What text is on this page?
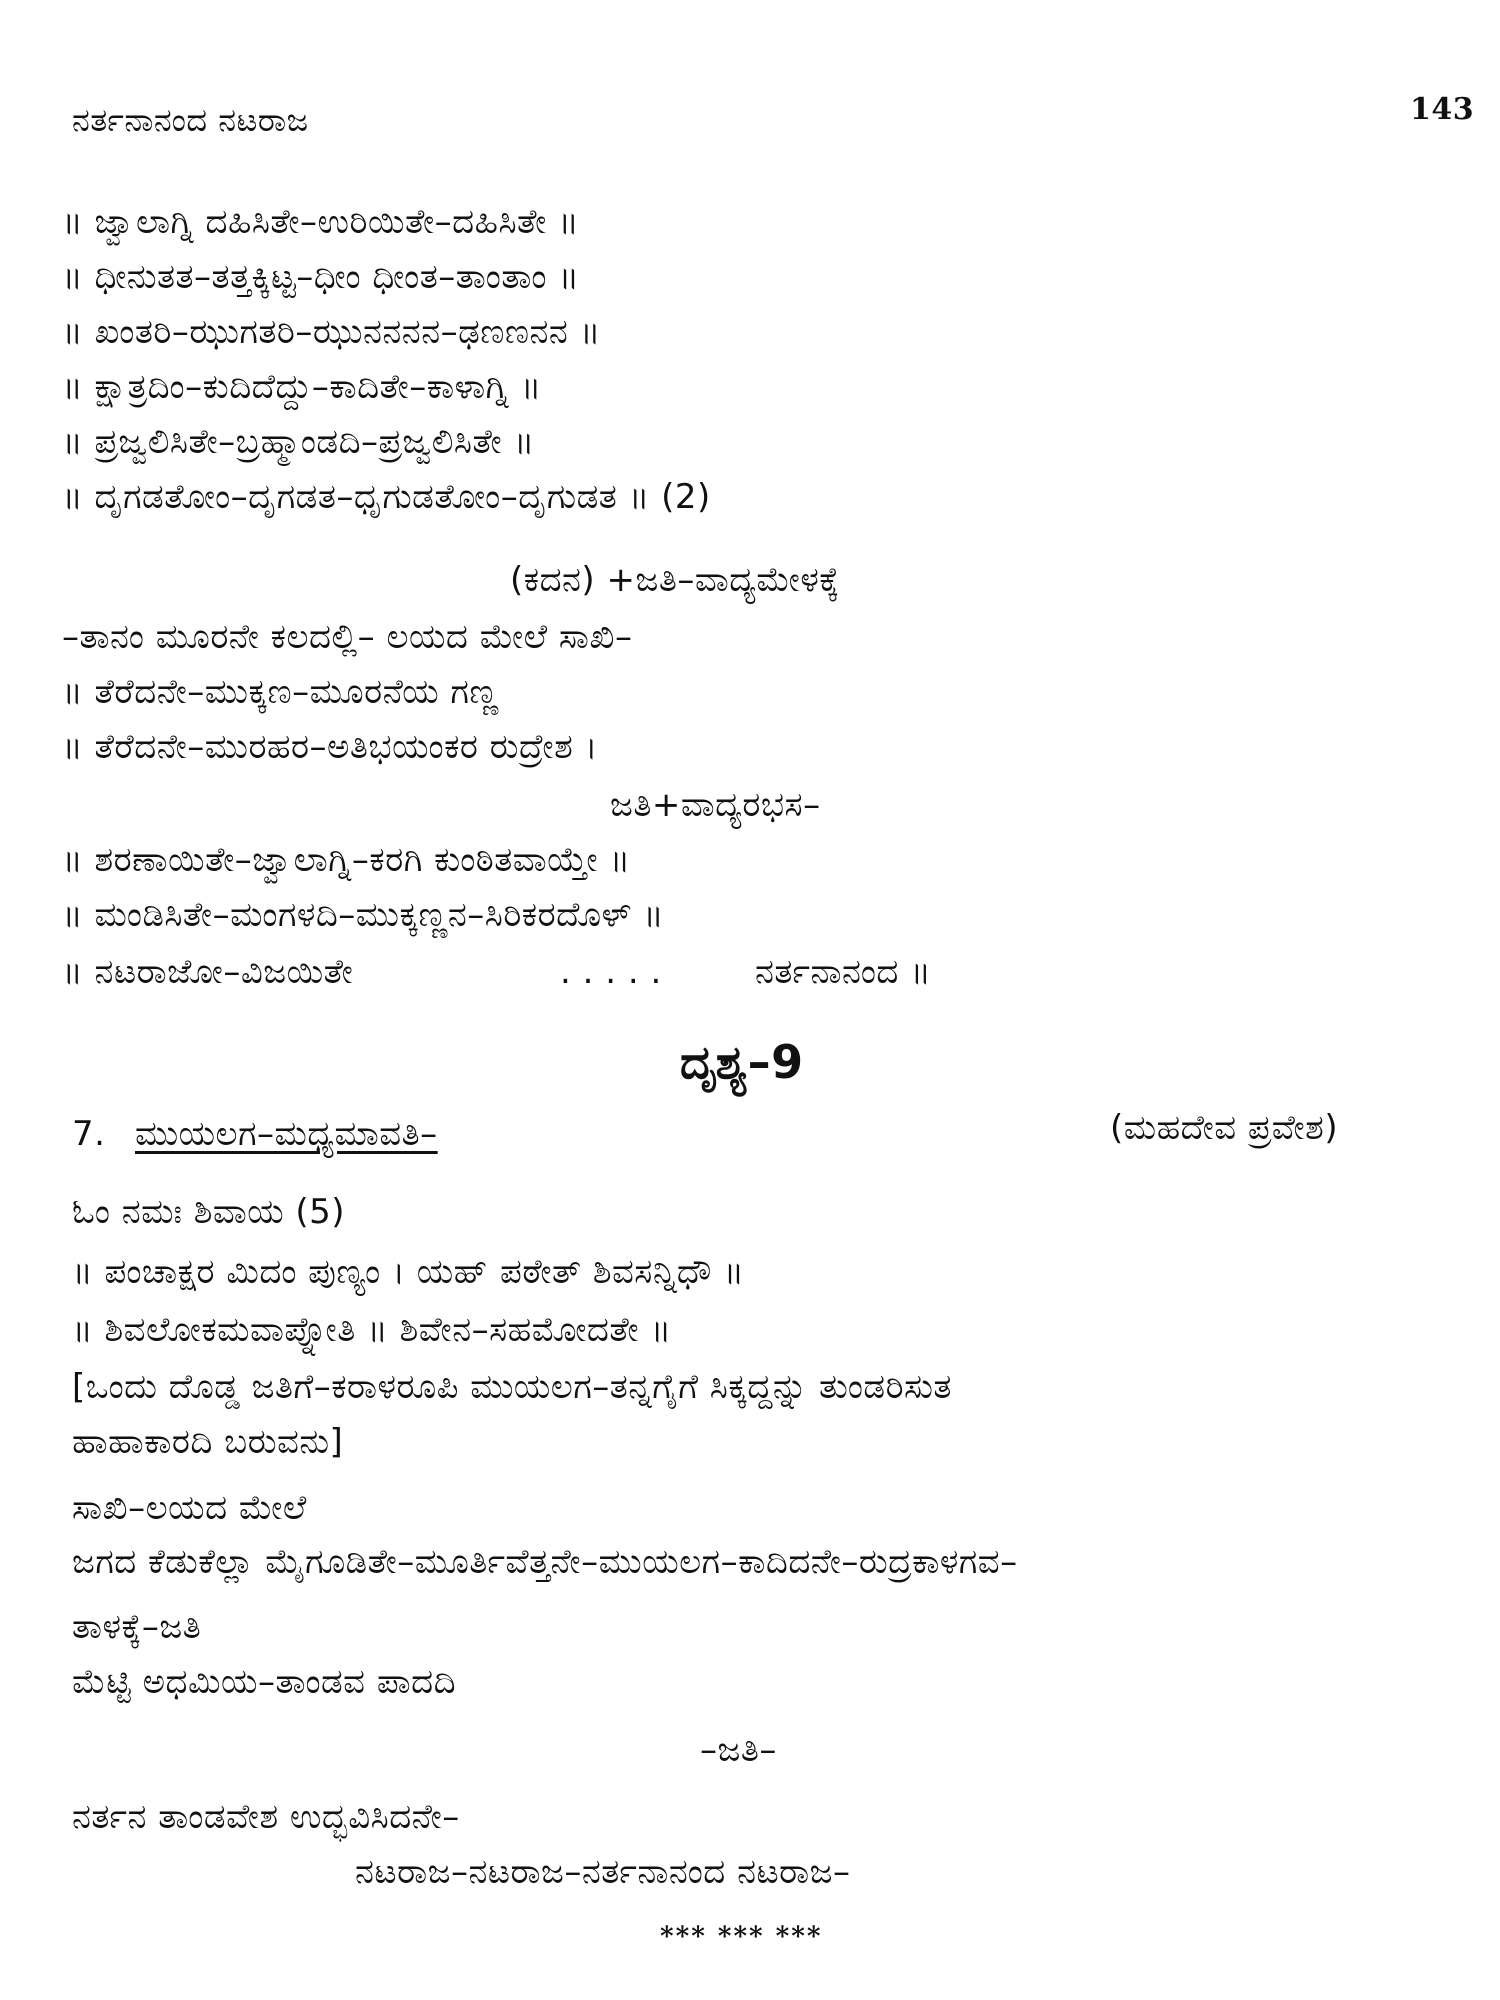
ನರ್ತನಾನಂದ ನಟರಾಜ	143
॥ ಜ್ವಾಲಾಗ್ನಿ ದಹಿಸಿತೇ–ಉರಿಯಿತೇ–ದಹಿಸಿತೇ ॥
॥ ಧೀನುತತ–ತತ್ತಕ್ಕಿಟ್ಟ–ಧೀಂ ಧೀಂತ–ತಾಂತಾಂ ॥
॥ ಖಂತರಿ–ಝುಗತರಿ–ಝುನನನನ–ಢಣಣನನ ॥
॥ ಕ್ಷಾತ್ರದಿಂ–ಕುದಿದೆದ್ದು–ಕಾದಿತೇ–ಕಾಳಾಗ್ನಿ ॥
॥ ಪ್ರಜ್ವಲಿಸಿತೇ–ಬ್ರಹ್ಮಾಂಡದಿ–ಪ್ರಜ್ವಲಿಸಿತೇ ॥
॥ ದೃಗಡತೋಂ–ದೃಗಡತ–ಧೃಗುಡತೋಂ–ದೃಗುಡತ ॥ (2)
(ಕದನ) +ಜತಿ–ವಾದ್ಯಮೇಳಕ್ಕೆ
–ತಾನಂ ಮೂರನೇ ಕಲದಲ್ಲಿ– ಲಯದ ಮೇಲೆ ಸಾಖಿ–
॥ ತೆರೆದನೇ–ಮುಕ್ಕಣ–ಮೂರನೆಯ ಗಣ್ಣ
॥ ತೆರೆದನೇ–ಮುರಹರ–ಅತಿಭಯಂಕರ ರುದ್ರೇಶ ।
ಜತಿ+ವಾದ್ಯರಭಸ–
॥ ಶರಣಾಯಿತೇ–ಜ್ವಾಲಾಗ್ನಿ–ಕರಗಿ ಕುಂಠಿತವಾಯ್ತೇ ॥
॥ ಮಂಡಿಸಿತೇ–ಮಂಗಳದಿ–ಮುಕ್ಕಣ್ಣನ–ಸಿರಿಕರದೊಳ್ ॥
॥ ನಟರಾಜೋ–ವಿಜಯಿತೇ	. . . . .	ನರ್ತನಾನಂದ ॥
ದೃಶ್ಯ–9
7. ಮುಯಲಗ–ಮಧ್ಯಮಾವತಿ–	(ಮಹದೇವ ಪ್ರವೇಶ)
ಓಂ ನಮಃ ಶಿವಾಯ (5)
॥ ಪಂಚಾಕ್ಷರ ಮಿದಂ ಪುಣ್ಯಂ । ಯಹ್ ಪಠೇತ್ ಶಿವಸನ್ನಿಧೌ ॥
॥ ಶಿವಲೋಕಮವಾಪ್ನೋತಿ ॥ ಶಿವೇನ–ಸಹಮೋದತೇ ॥
[ಒಂದು ದೊಡ್ಡ ಜತಿಗೆ–ಕರಾಳರೂಪಿ ಮುಯಲಗ–ತನ್ನಗೈಗೆ ಸಿಕ್ಕದ್ದನ್ನು ತುಂಡರಿಸುತ
ಹಾಹಾಕಾರದಿ ಬರುವನು]
ಸಾಖಿ–ಲಯದ ಮೇಲೆ
ಜಗದ ಕೆಡುಕೆಲ್ಲಾ ಮೈಗೂಡಿತೇ–ಮೂರ್ತಿವೆತ್ತನೇ–ಮುಯಲಗ–ಕಾದಿದನೇ–ರುದ್ರಕಾಳಗವ–
ತಾಳಕ್ಕೆ–ಜತಿ
ಮೆಟ್ಟಿ ಅಧಮಿಯ–ತಾಂಡವ ಪಾದದಿ
–ಜತಿ–
ನರ್ತನ ತಾಂಡವೇಶ ಉದ್ಭವಿಸಿದನೇ–
ನಟರಾಜ–ನಟರಾಜ–ನರ್ತನಾನಂದ ನಟರಾಜ–
*** *** ***
